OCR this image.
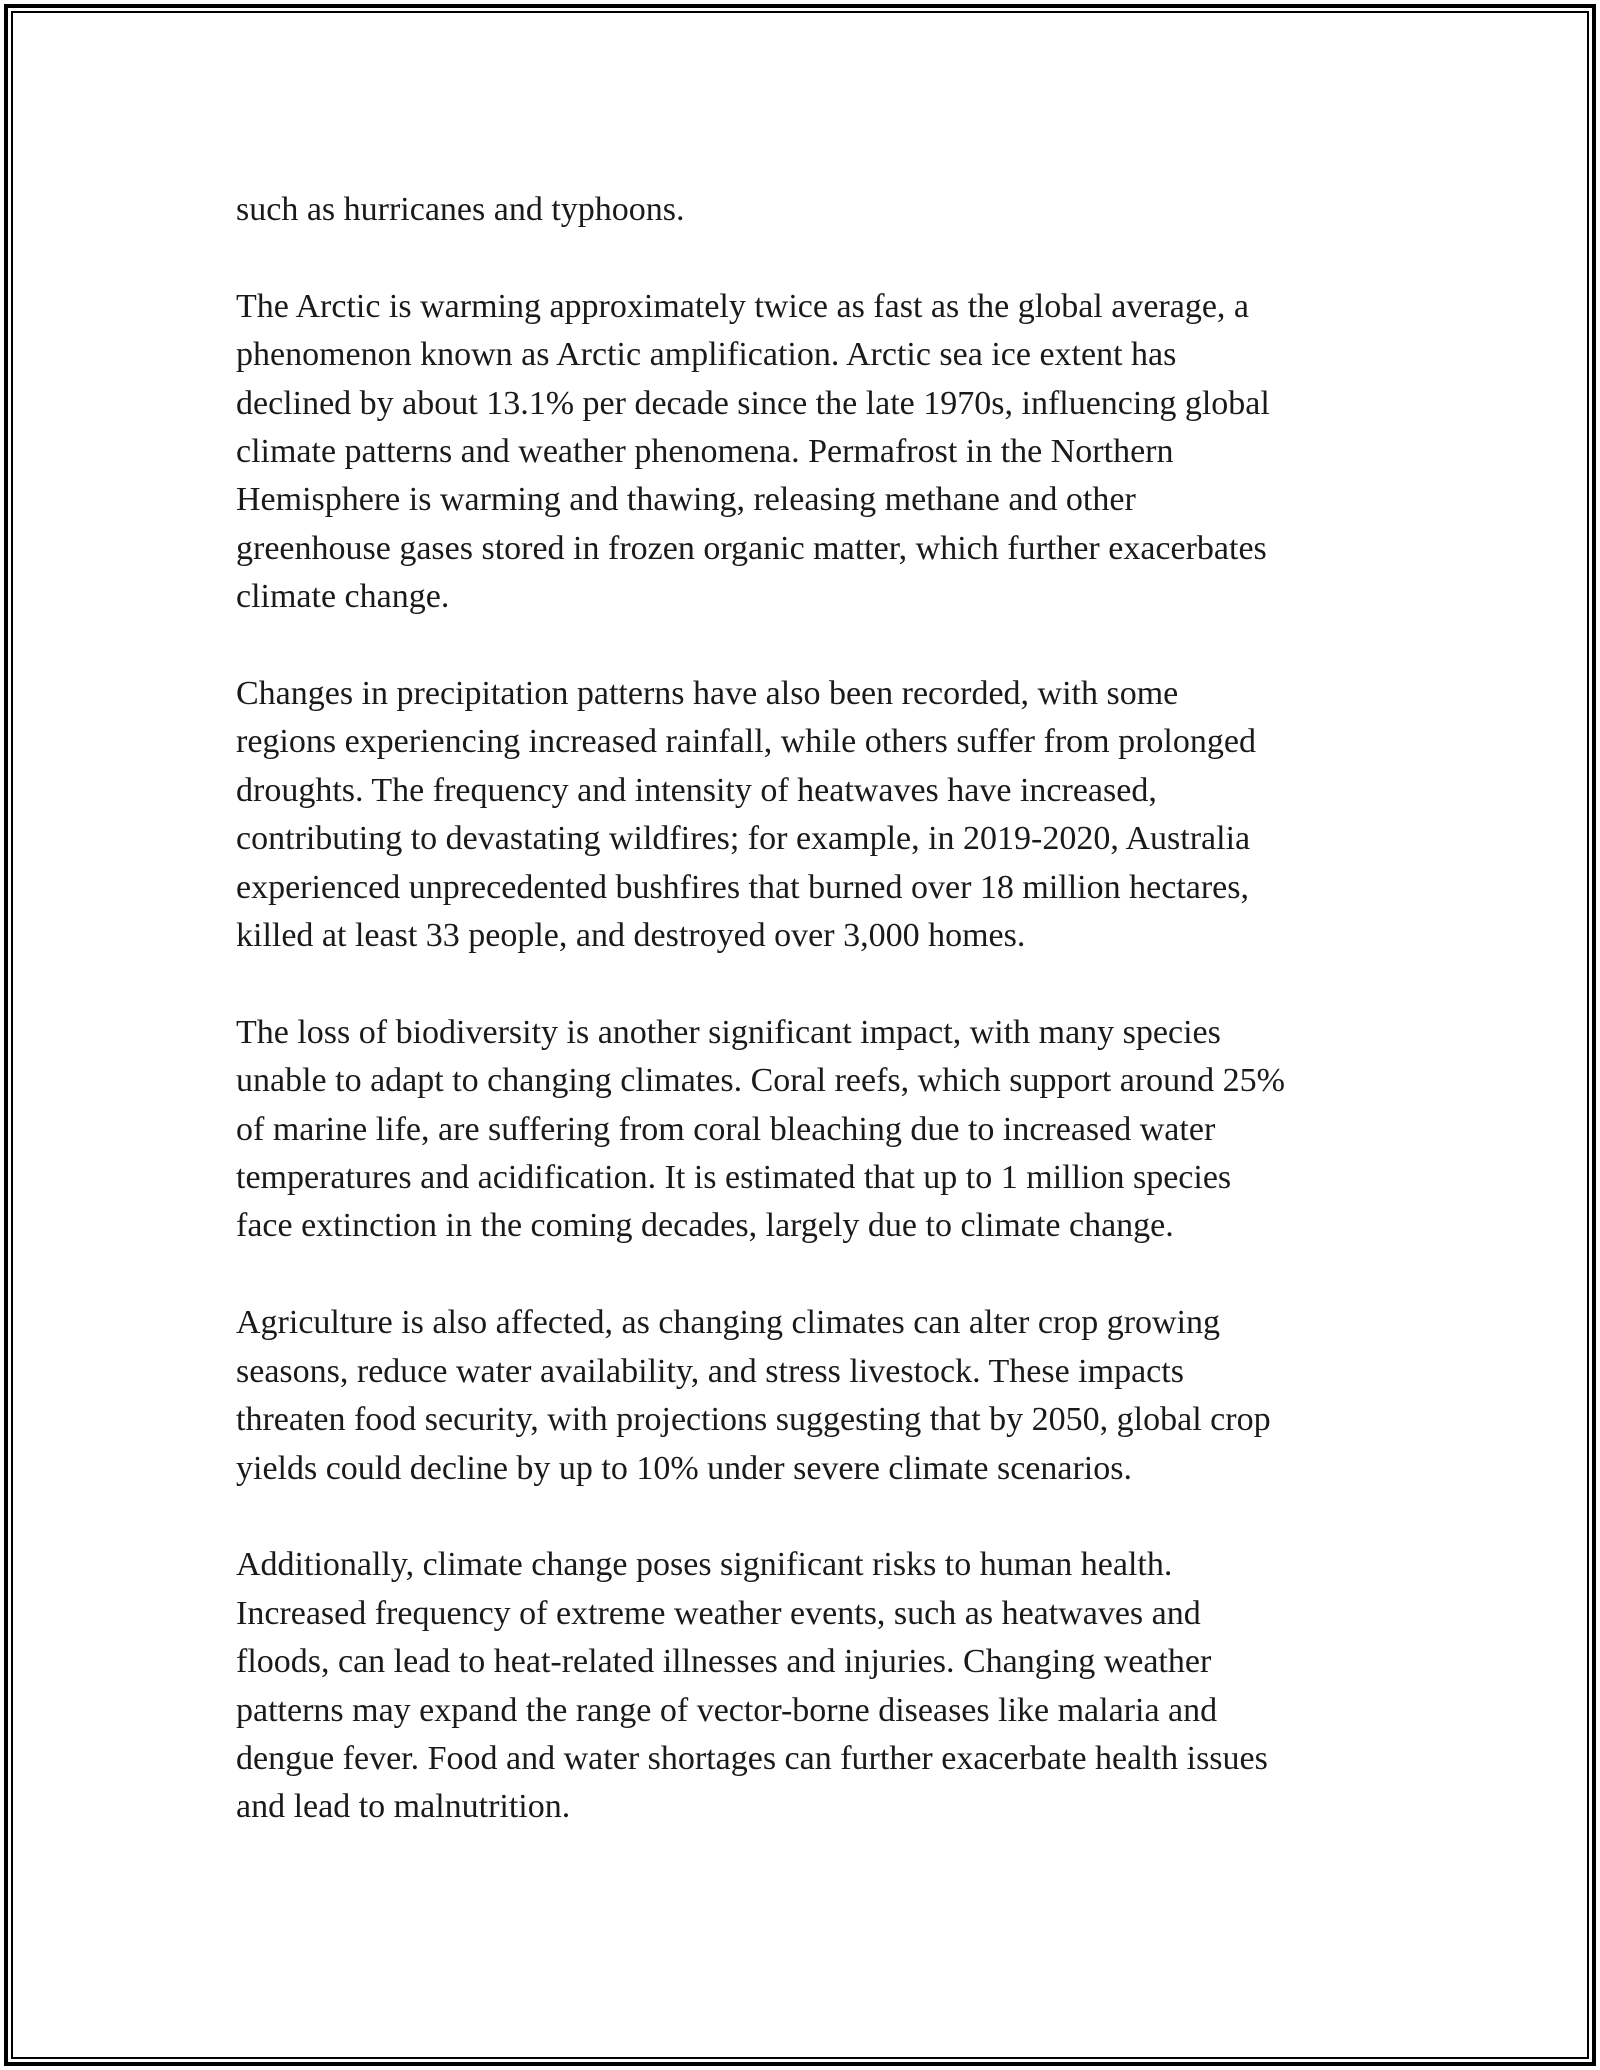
such as hurricanes and typhoons.

The Arctic is warming approximately twice as fast as the global average, a
phenomenon known as Arctic amplification. Arctic sea ice extent has
declined by about 13.1% per decade since the late 1970s, influencing global
climate patterns and weather phenomena. Permafrost in the Northern
Hemisphere is warming and thawing, releasing methane and other
greenhouse gases stored in frozen organic matter, which further exacerbates
climate change.

Changes in precipitation patterns have also been recorded, with some
regions experiencing increased rainfall, while others suffer from prolonged
droughts. The frequency and intensity of heatwaves have increased,
contributing to devastating wildfires; for example, in 2019-2020, Australia
experienced unprecedented bushfires that burned over 18 million hectares,
killed at least 33 people, and destroyed over 3,000 homes.

The loss of biodiversity is another significant impact, with many species
unable to adapt to changing climates. Coral reefs, which support around 25%
of marine life, are suffering from coral bleaching due to increased water
temperatures and acidification. It is estimated that up to 1 million species
face extinction in the coming decades, largely due to climate change.

Agriculture is also affected, as changing climates can alter crop growing
seasons, reduce water availability, and stress livestock. These impacts
threaten food security, with projections suggesting that by 2050, global crop
yields could decline by up to 10% under severe climate scenarios.

Additionally, climate change poses significant risks to human health.
Increased frequency of extreme weather events, such as heatwaves and
floods, can lead to heat-related illnesses and injuries. Changing weather
patterns may expand the range of vector-borne diseases like malaria and
dengue fever. Food and water shortages can further exacerbate health issues
and lead to malnutrition.
